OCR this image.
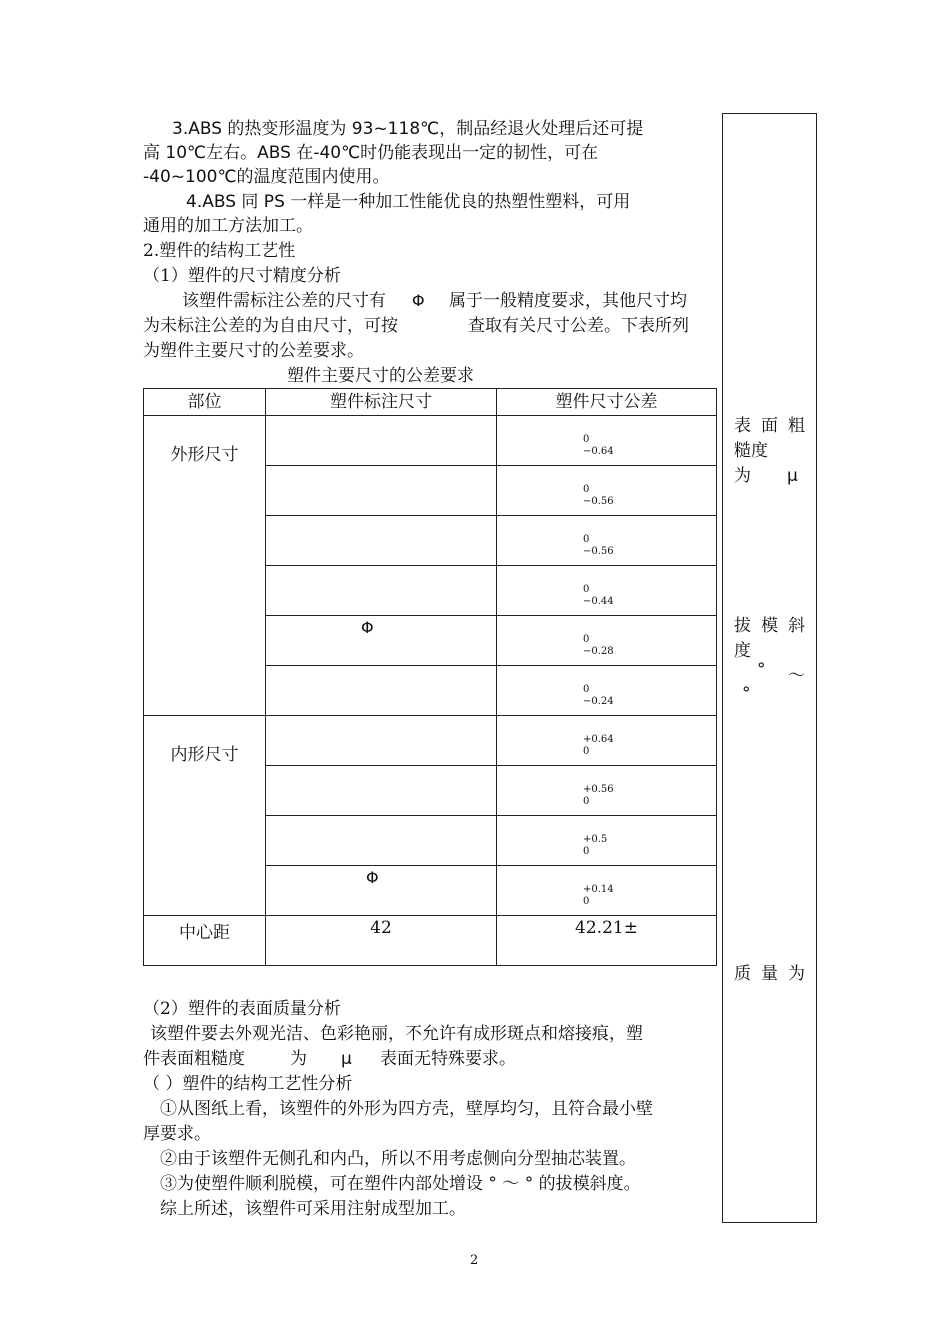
3.ABS 的热变形温度为 93~118℃，制品经退火处理后还可提
高 10℃左右。ABS 在-40℃时仍能表现出一定的韧性，可在
-40~100℃的温度范围内使用。
4.ABS 同 PS 一样是一种加工性能优良的热塑性塑料，可用
通用的加工方法加工。
2.塑件的结构工艺性
（1）塑件的尺寸精度分析
该塑件需标注公差的尺寸有 Φ 属于一般精度要求，其他尺寸均
为未标注公差的为自由尺寸，可按	查取有关尺寸公差。下表所列
为塑件主要尺寸的公差要求。
塑件主要尺寸的公差要求
部位	塑件标注尺寸	塑件尺寸公差
外形尺寸		0
−0.64

		0
−0.56

		0
−0.56

		0
−0.44

	Φ	0
−0.28

		0
−0.24

内形尺寸		+0.64
0

		+0.56
0

		+0.5
0

	Φ	+0.14
0

中心距	42	42.21±
（2）塑件的表面质量分析
该塑件要去外观光洁、色彩艳丽，不允许有成形斑点和熔接痕，塑
件表面粗糙度	为 μ 表面无特殊要求。
（ ）塑件的结构工艺性分析
①从图纸上看，该塑件的外形为四方壳，壁厚均匀，且符合最小壁
厚要求。
②由于该塑件无侧孔和内凸，所以不用考虑侧向分型抽芯装置。
③为使塑件顺利脱模，可在塑件内部处增设 ° ～ ° 的拔模斜度。
综上所述，该塑件可采用注射成型加工。
表面粗
糙度
为 μ
拔模斜
度
° ～
°
质量为
2
